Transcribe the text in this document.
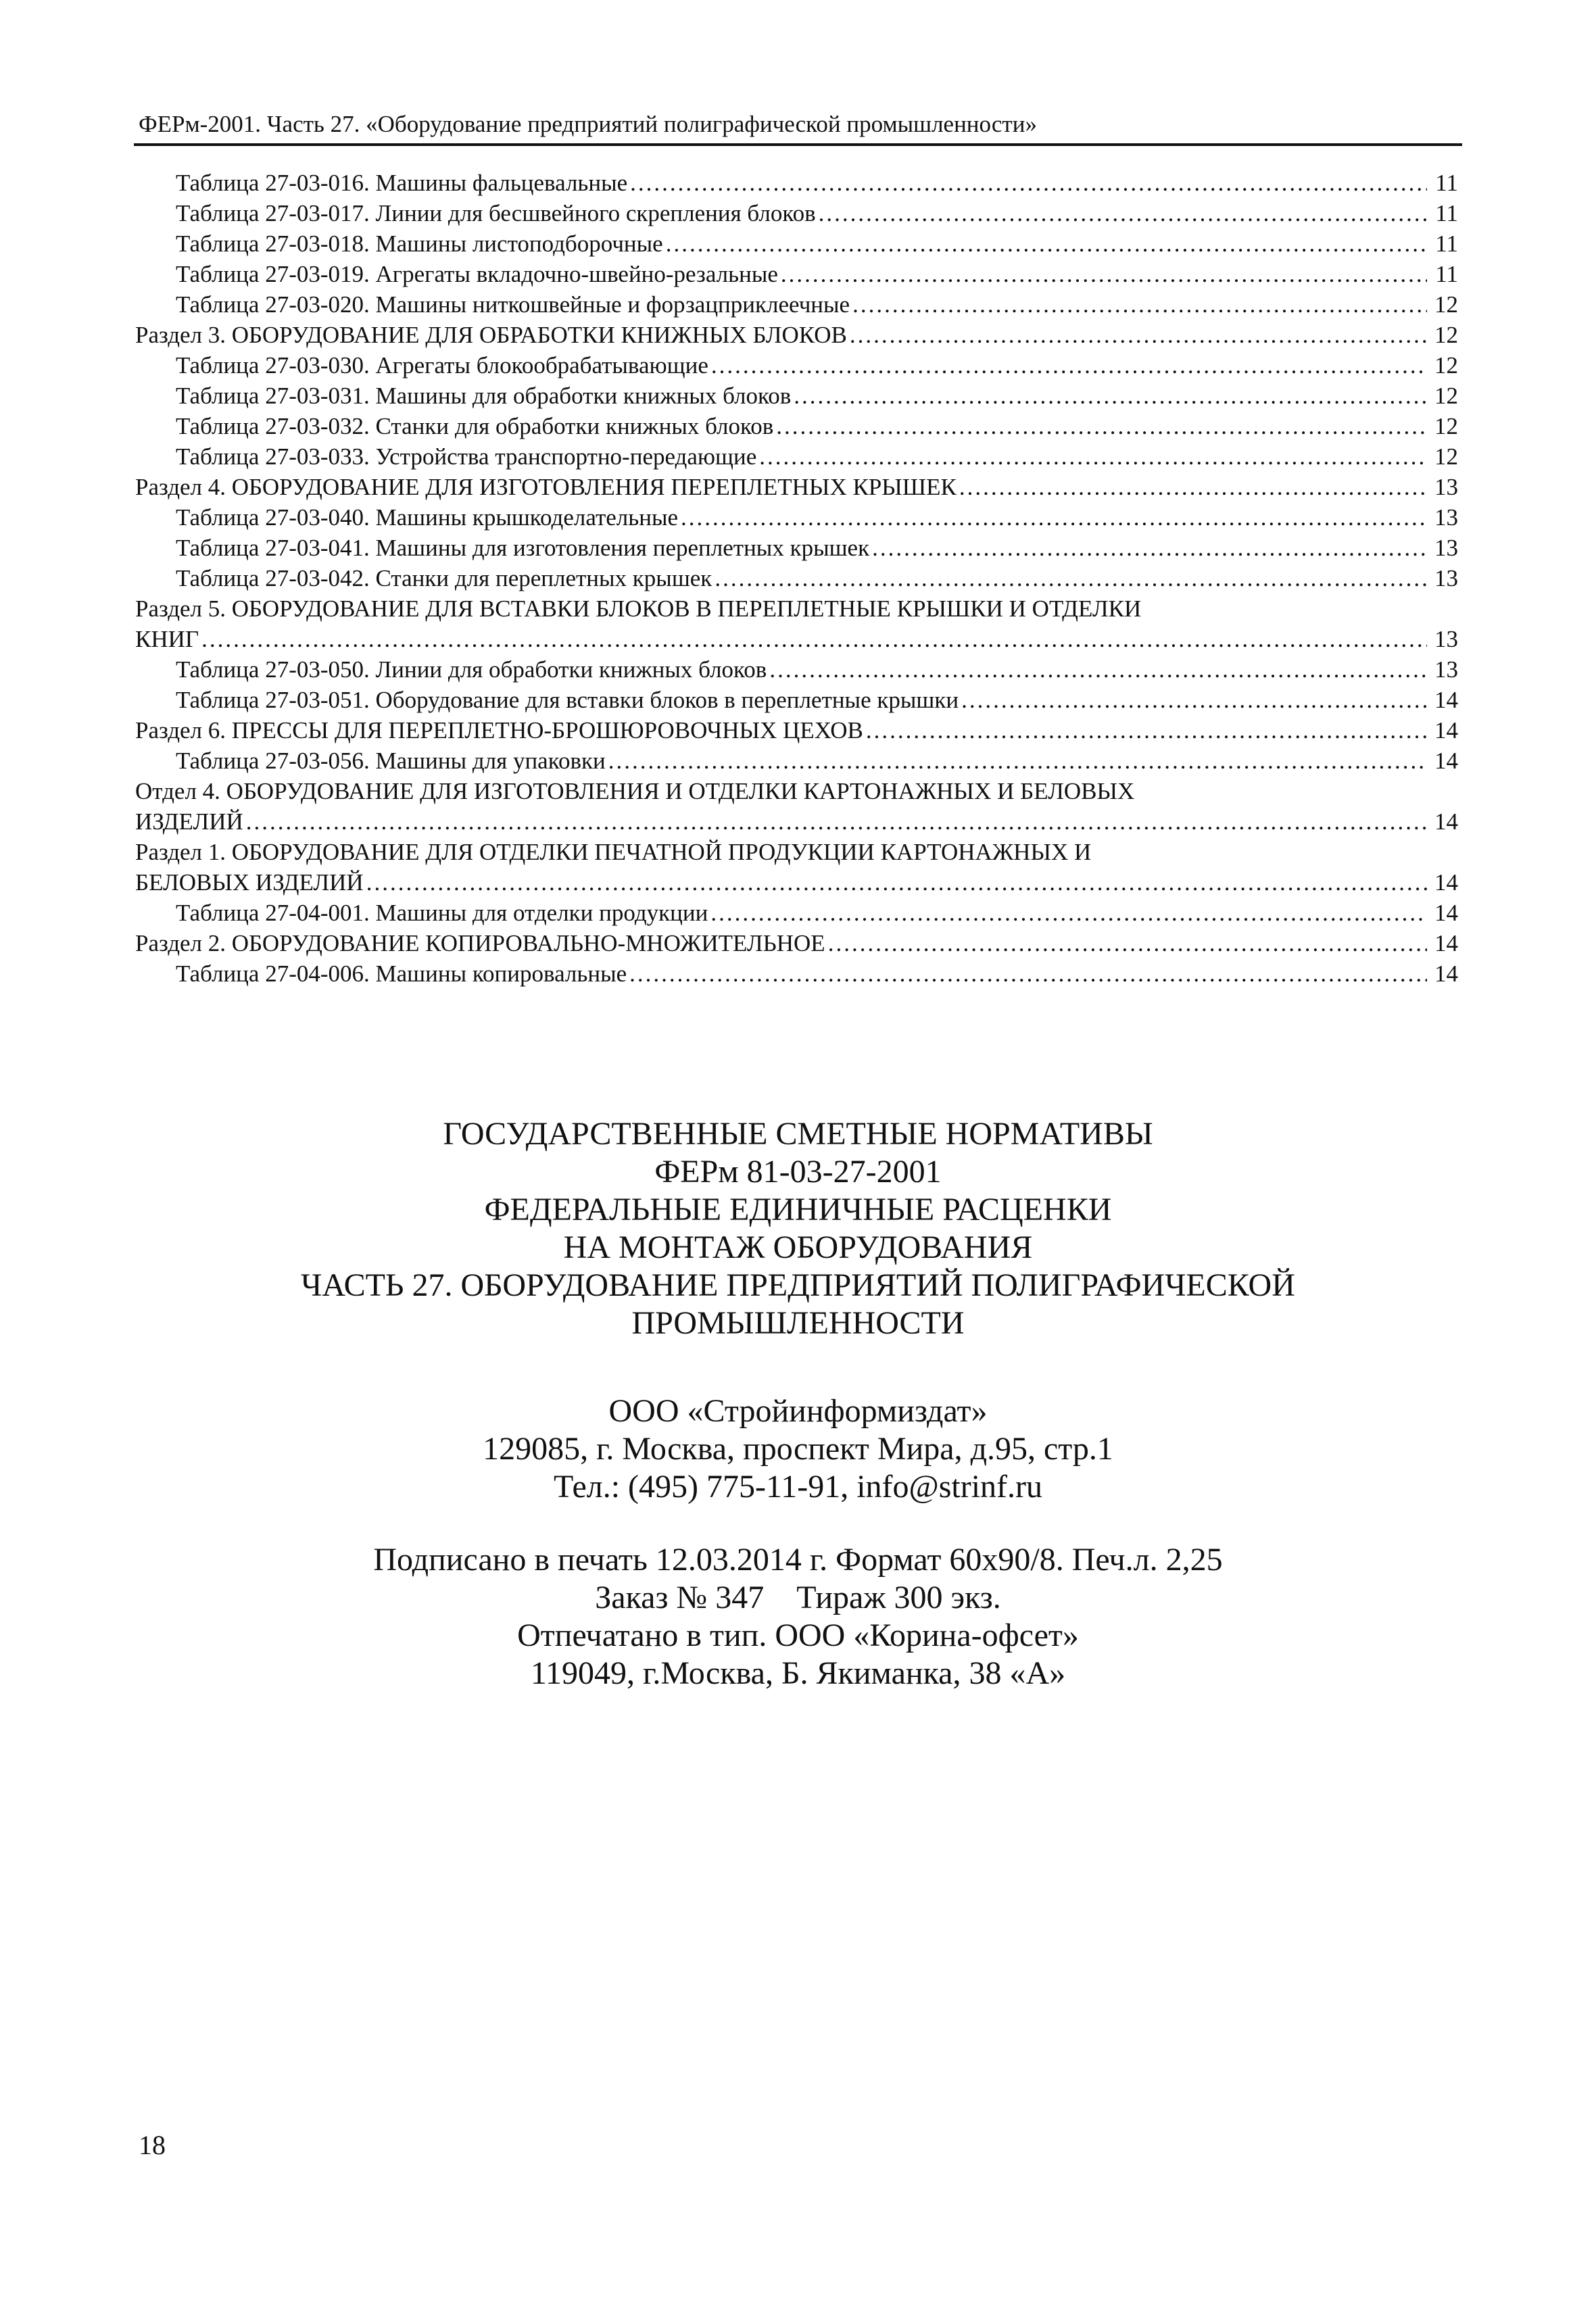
ФЕРм-2001. Часть 27. «Оборудование предприятий полиграфической промышленности»
Таблица 27-03-016. Машины фальцевальные .....	11
Таблица 27-03-017. Линии для бесшвейного скрепления блоков .....	11
Таблица 27-03-018. Машины листоподборочные .....	11
Таблица 27-03-019. Агрегаты вкладочно-швейно-резальные .....	11
Таблица 27-03-020. Машины ниткошвейные и форзацприклеечные .....	12
Раздел 3. ОБОРУДОВАНИЕ ДЛЯ ОБРАБОТКИ КНИЖНЫХ БЛОКОВ .....	12
Таблица 27-03-030. Агрегаты блокообрабатывающие .....	12
Таблица 27-03-031. Машины для обработки книжных блоков .....	12
Таблица 27-03-032. Станки для обработки книжных блоков .....	12
Таблица 27-03-033. Устройства транспортно-передающие .....	12
Раздел 4. ОБОРУДОВАНИЕ ДЛЯ ИЗГОТОВЛЕНИЯ ПЕРЕПЛЕТНЫХ КРЫШЕК .....	13
Таблица 27-03-040. Машины крышкоделательные .....	13
Таблица 27-03-041. Машины для изготовления переплетных крышек .....	13
Таблица 27-03-042. Станки для переплетных крышек .....	13
Раздел 5. ОБОРУДОВАНИЕ ДЛЯ ВСТАВКИ БЛОКОВ В ПЕРЕПЛЕТНЫЕ КРЫШКИ И ОТДЕЛКИ
КНИГ .....	13
Таблица 27-03-050. Линии для обработки книжных блоков .....	13
Таблица 27-03-051. Оборудование для вставки блоков в переплетные крышки .....	14
Раздел 6. ПРЕССЫ ДЛЯ ПЕРЕПЛЕТНО-БРОШЮРОВОЧНЫХ ЦЕХОВ .....	14
Таблица 27-03-056. Машины для упаковки .....	14
Отдел 4. ОБОРУДОВАНИЕ ДЛЯ ИЗГОТОВЛЕНИЯ И ОТДЕЛКИ КАРТОНАЖНЫХ И БЕЛОВЫХ
ИЗДЕЛИЙ .....	14
Раздел 1. ОБОРУДОВАНИЕ ДЛЯ ОТДЕЛКИ ПЕЧАТНОЙ ПРОДУКЦИИ КАРТОНАЖНЫХ И
БЕЛОВЫХ ИЗДЕЛИЙ .....	14
Таблица 27-04-001. Машины для отделки продукции .....	14
Раздел 2. ОБОРУДОВАНИЕ КОПИРОВАЛЬНО-МНОЖИТЕЛЬНОЕ .....	14
Таблица 27-04-006. Машины копировальные .....	14
ГОСУДАРСТВЕННЫЕ СМЕТНЫЕ НОРМАТИВЫ
ФЕРм 81-03-27-2001
ФЕДЕРАЛЬНЫЕ ЕДИНИЧНЫЕ РАСЦЕНКИ
НА МОНТАЖ ОБОРУДОВАНИЯ
ЧАСТЬ 27. ОБОРУДОВАНИЕ ПРЕДПРИЯТИЙ ПОЛИГРАФИЧЕСКОЙ
ПРОМЫШЛЕННОСТИ
ООО «Стройинформиздат»
129085, г. Москва, проспект Мира, д.95, стр.1
Тел.: (495) 775-11-91, info@strinf.ru
Подписано в печать 12.03.2014 г. Формат 60х90/8. Печ.л. 2,25
Заказ № 347    Тираж 300 экз.
Отпечатано в тип. ООО «Корина-офсет»
119049, г.Москва, Б. Якиманка, 38 «А»
18
